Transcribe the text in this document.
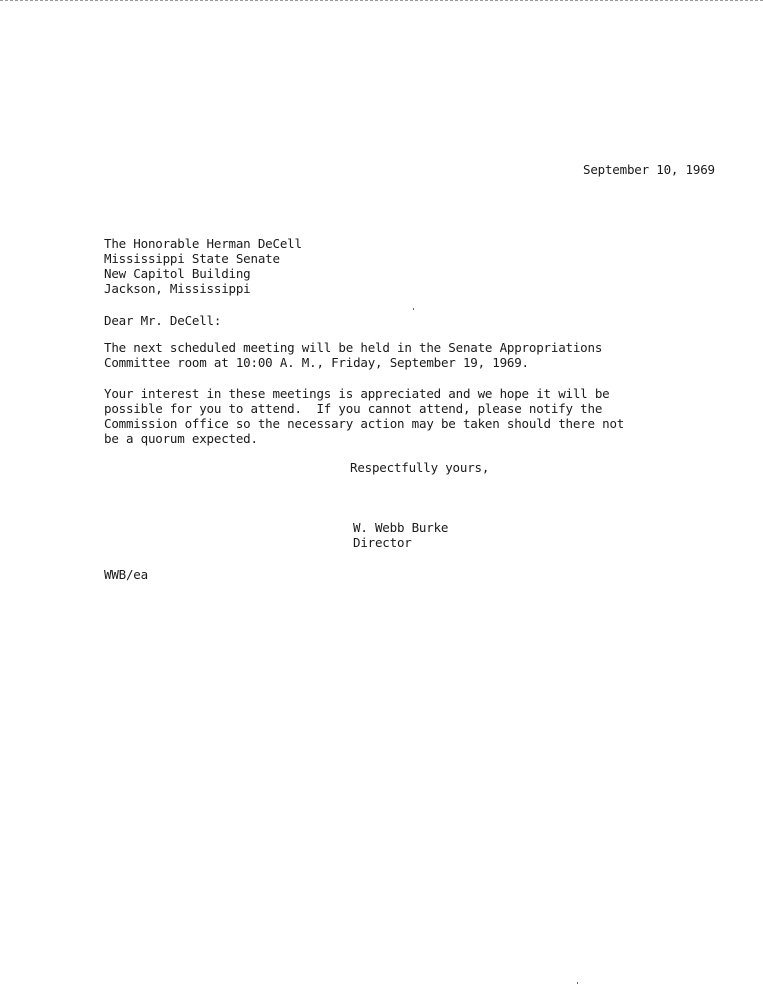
September 10, 1969
The Honorable Herman DeCell
Mississippi State Senate
New Capitol Building
Jackson, Mississippi
Dear Mr. DeCell:
The next scheduled meeting will be held in the Senate Appropriations
Committee room at 10:00 A. M., Friday, September 19, 1969.
Your interest in these meetings is appreciated and we hope it will be
possible for you to attend.  If you cannot attend, please notify the
Commission office so the necessary action may be taken should there not
be a quorum expected.
Respectfully yours,
W. Webb Burke
Director
WWB/ea
